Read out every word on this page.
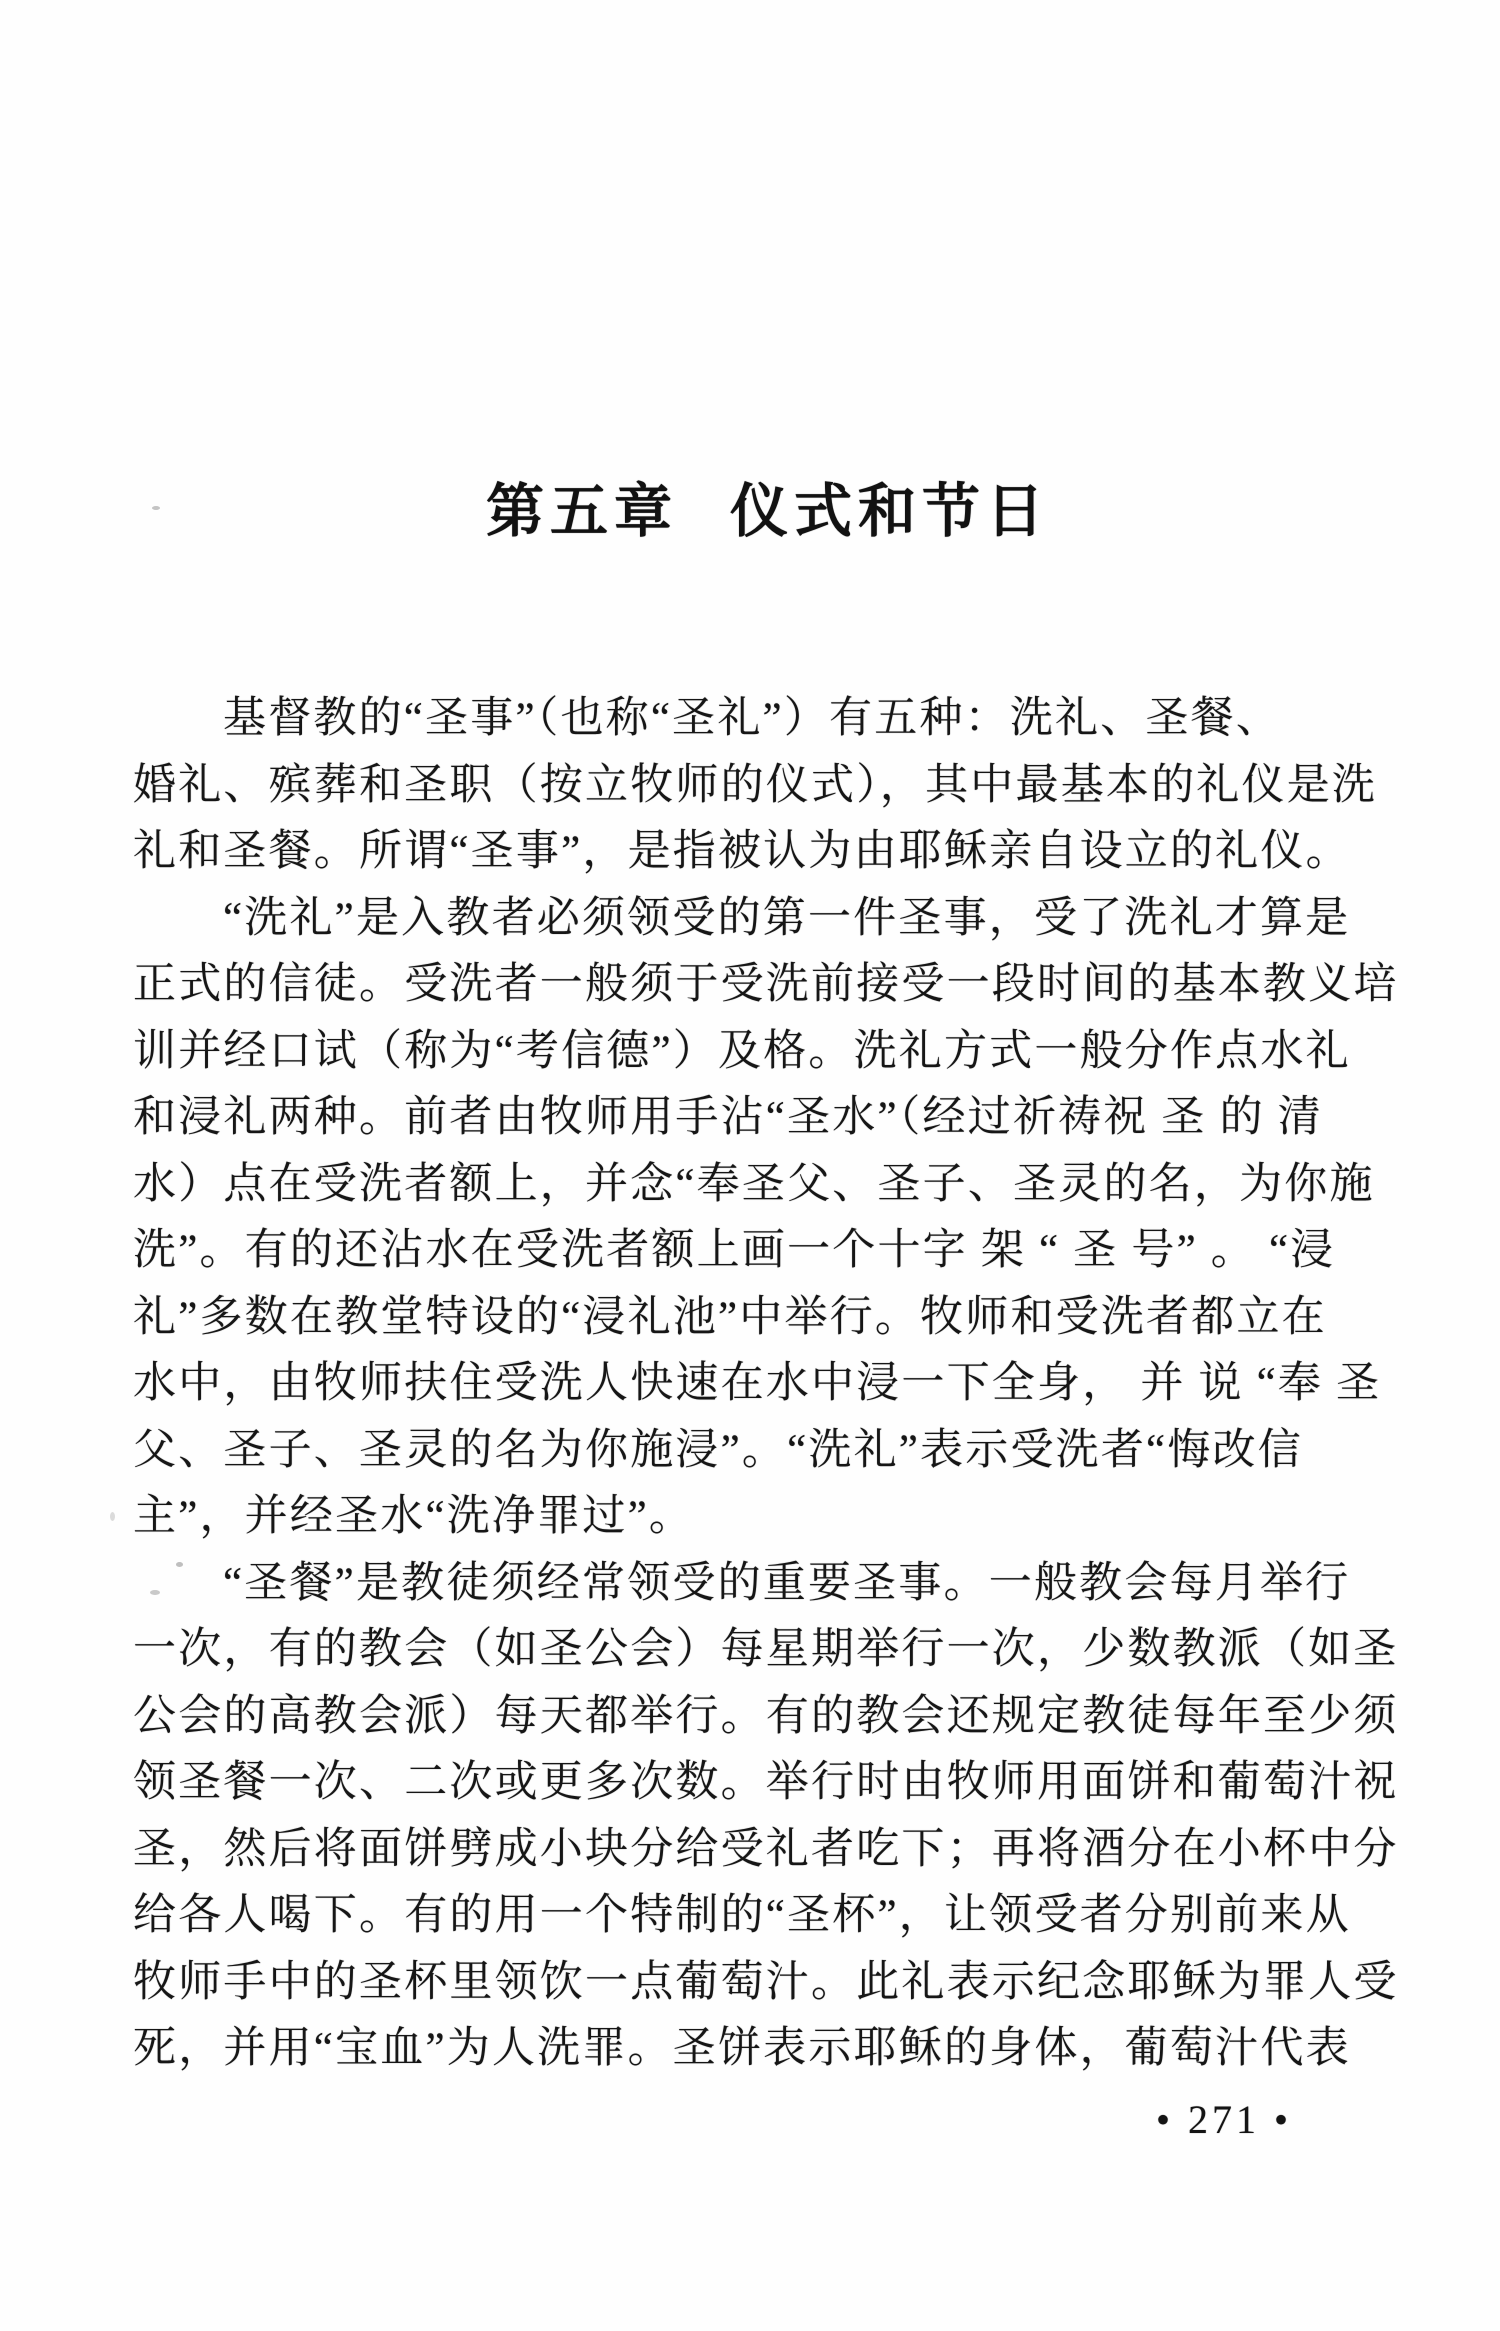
第五章 仪式和节日
基督教的“圣事”（也称“圣礼”）有五种：洗礼、圣餐、
婚礼、殡葬和圣职（按立牧师的仪式），其中最基本的礼仪是洗
礼和圣餐。所谓“圣事”，是指被认为由耶稣亲自设立的礼仪。
“洗礼”是入教者必须领受的第一件圣事，受了洗礼才算是
正式的信徒。受洗者一般须于受洗前接受一段时间的基本教义培
训并经口试（称为“考信德”）及格。洗礼方式一般分作点水礼
和浸礼两种。前者由牧师用手沾“圣水”（经过祈祷祝 圣 的 清
水）点在受洗者额上，并念“奉圣父、圣子、圣灵的名，为你施
洗”。有的还沾水在受洗者额上画一个十字 架 “ 圣 号” 。 “浸
礼”多数在教堂特设的“浸礼池”中举行。牧师和受洗者都立在
水中，由牧师扶住受洗人快速在水中浸一下全身， 并 说 “奉 圣
父、圣子、圣灵的名为你施浸”。“洗礼”表示受洗者“悔改信
主”，并经圣水“洗净罪过”。
“圣餐”是教徒须经常领受的重要圣事。一般教会每月举行
一次，有的教会（如圣公会）每星期举行一次，少数教派（如圣
公会的高教会派）每天都举行。有的教会还规定教徒每年至少须
领圣餐一次、二次或更多次数。举行时由牧师用面饼和葡萄汁祝
圣，然后将面饼劈成小块分给受礼者吃下；再将酒分在小杯中分
给各人喝下。有的用一个特制的“圣杯”，让领受者分别前来从
牧师手中的圣杯里领饮一点葡萄汁。此礼表示纪念耶稣为罪人受
死，并用“宝血”为人洗罪。圣饼表示耶稣的身体，葡萄汁代表
• 271 •
